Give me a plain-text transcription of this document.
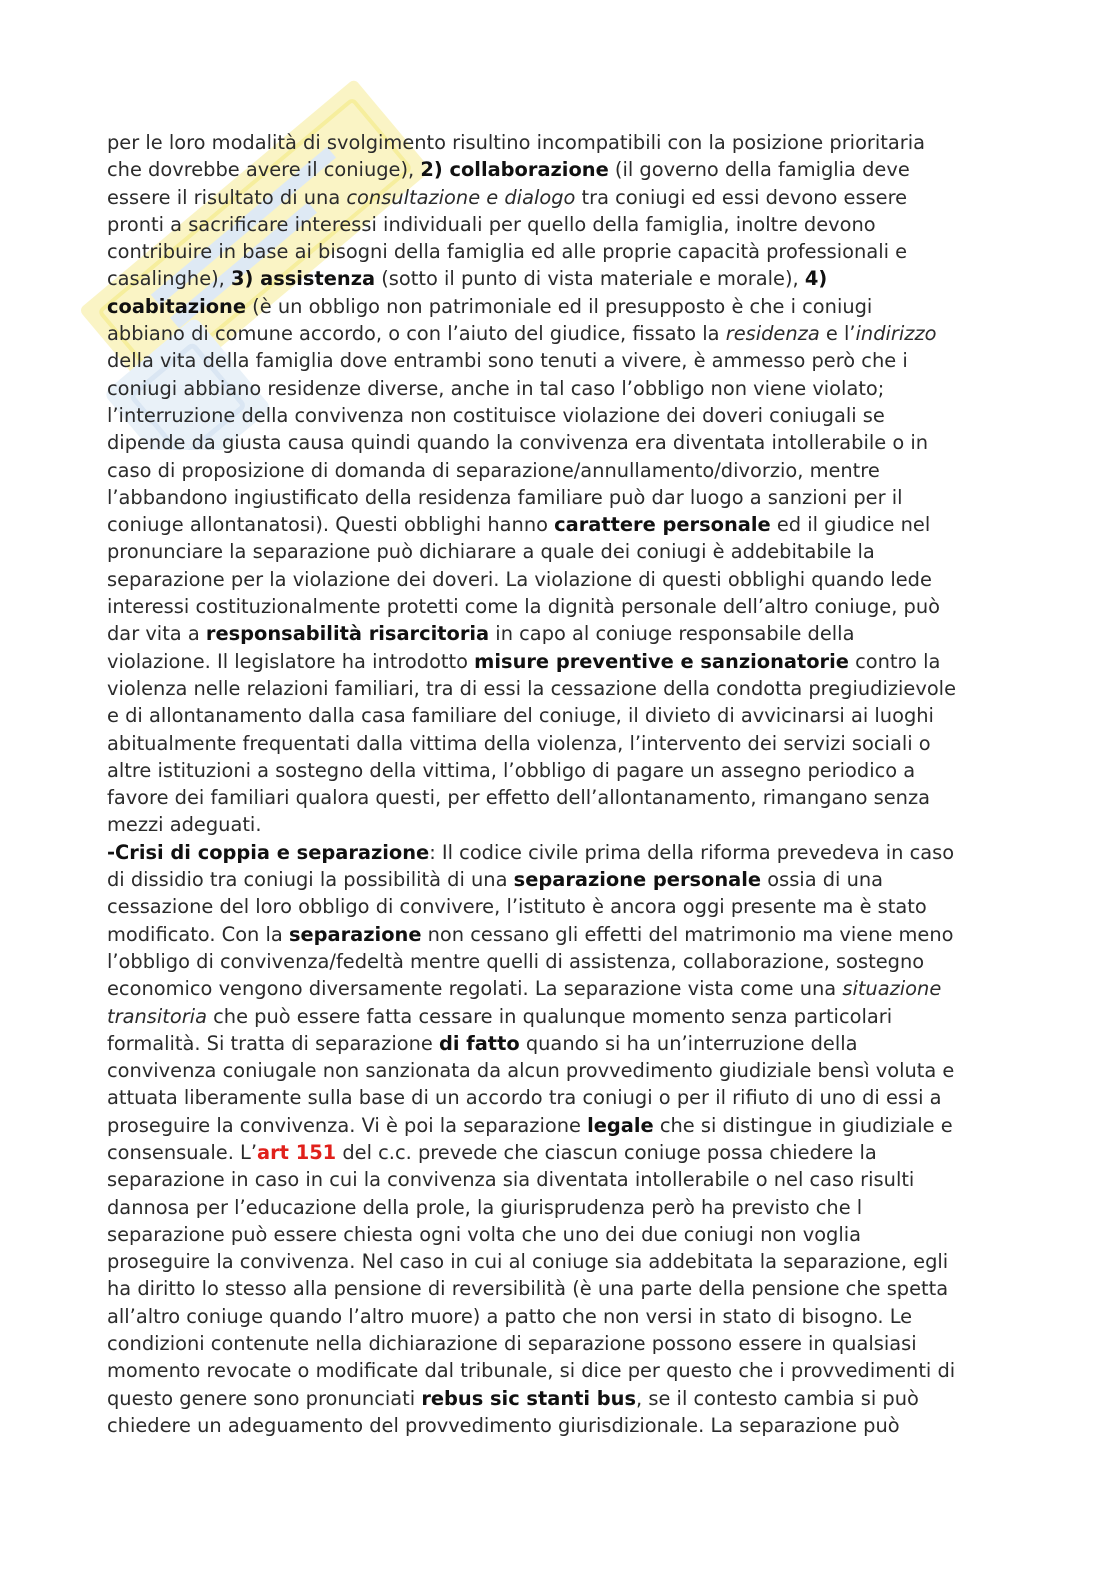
per le loro modalità di svolgimento risultino incompatibili con la posizione prioritaria
che dovrebbe avere il coniuge), 2) collaborazione (il governo della famiglia deve
essere il risultato di una consultazione e dialogo tra coniugi ed essi devono essere
pronti a sacrificare interessi individuali per quello della famiglia, inoltre devono
contribuire in base ai bisogni della famiglia ed alle proprie capacità professionali e
casalinghe), 3) assistenza (sotto il punto di vista materiale e morale), 4)
coabitazione (è un obbligo non patrimoniale ed il presupposto è che i coniugi
abbiano di comune accordo, o con l’aiuto del giudice, fissato la residenza e l’indirizzo
della vita della famiglia dove entrambi sono tenuti a vivere, è ammesso però che i
coniugi abbiano residenze diverse, anche in tal caso l’obbligo non viene violato;
l’interruzione della convivenza non costituisce violazione dei doveri coniugali se
dipende da giusta causa quindi quando la convivenza era diventata intollerabile o in
caso di proposizione di domanda di separazione/annullamento/divorzio, mentre
l’abbandono ingiustificato della residenza familiare può dar luogo a sanzioni per il
coniuge allontanatosi). Questi obblighi hanno carattere personale ed il giudice nel
pronunciare la separazione può dichiarare a quale dei coniugi è addebitabile la
separazione per la violazione dei doveri. La violazione di questi obblighi quando lede
interessi costituzionalmente protetti come la dignità personale dell’altro coniuge, può
dar vita a responsabilità risarcitoria in capo al coniuge responsabile della
violazione. Il legislatore ha introdotto misure preventive e sanzionatorie contro la
violenza nelle relazioni familiari, tra di essi la cessazione della condotta pregiudizievole
e di allontanamento dalla casa familiare del coniuge, il divieto di avvicinarsi ai luoghi
abitualmente frequentati dalla vittima della violenza, l’intervento dei servizi sociali o
altre istituzioni a sostegno della vittima, l’obbligo di pagare un assegno periodico a
favore dei familiari qualora questi, per effetto dell’allontanamento, rimangano senza
mezzi adeguati.
-Crisi di coppia e separazione: Il codice civile prima della riforma prevedeva in caso
di dissidio tra coniugi la possibilità di una separazione personale ossia di una
cessazione del loro obbligo di convivere, l’istituto è ancora oggi presente ma è stato
modificato. Con la separazione non cessano gli effetti del matrimonio ma viene meno
l’obbligo di convivenza/fedeltà mentre quelli di assistenza, collaborazione, sostegno
economico vengono diversamente regolati. La separazione vista come una situazione
transitoria che può essere fatta cessare in qualunque momento senza particolari
formalità. Si tratta di separazione di fatto quando si ha un’interruzione della
convivenza coniugale non sanzionata da alcun provvedimento giudiziale bensì voluta e
attuata liberamente sulla base di un accordo tra coniugi o per il rifiuto di uno di essi a
proseguire la convivenza. Vi è poi la separazione legale che si distingue in giudiziale e
consensuale. L’art 151 del c.c. prevede che ciascun coniuge possa chiedere la
separazione in caso in cui la convivenza sia diventata intollerabile o nel caso risulti
dannosa per l’educazione della prole, la giurisprudenza però ha previsto che l
separazione può essere chiesta ogni volta che uno dei due coniugi non voglia
proseguire la convivenza. Nel caso in cui al coniuge sia addebitata la separazione, egli
ha diritto lo stesso alla pensione di reversibilità (è una parte della pensione che spetta
all’altro coniuge quando l’altro muore) a patto che non versi in stato di bisogno. Le
condizioni contenute nella dichiarazione di separazione possono essere in qualsiasi
momento revocate o modificate dal tribunale, si dice per questo che i provvedimenti di
questo genere sono pronunciati rebus sic stanti bus, se il contesto cambia si può
chiedere un adeguamento del provvedimento giurisdizionale. La separazione può
